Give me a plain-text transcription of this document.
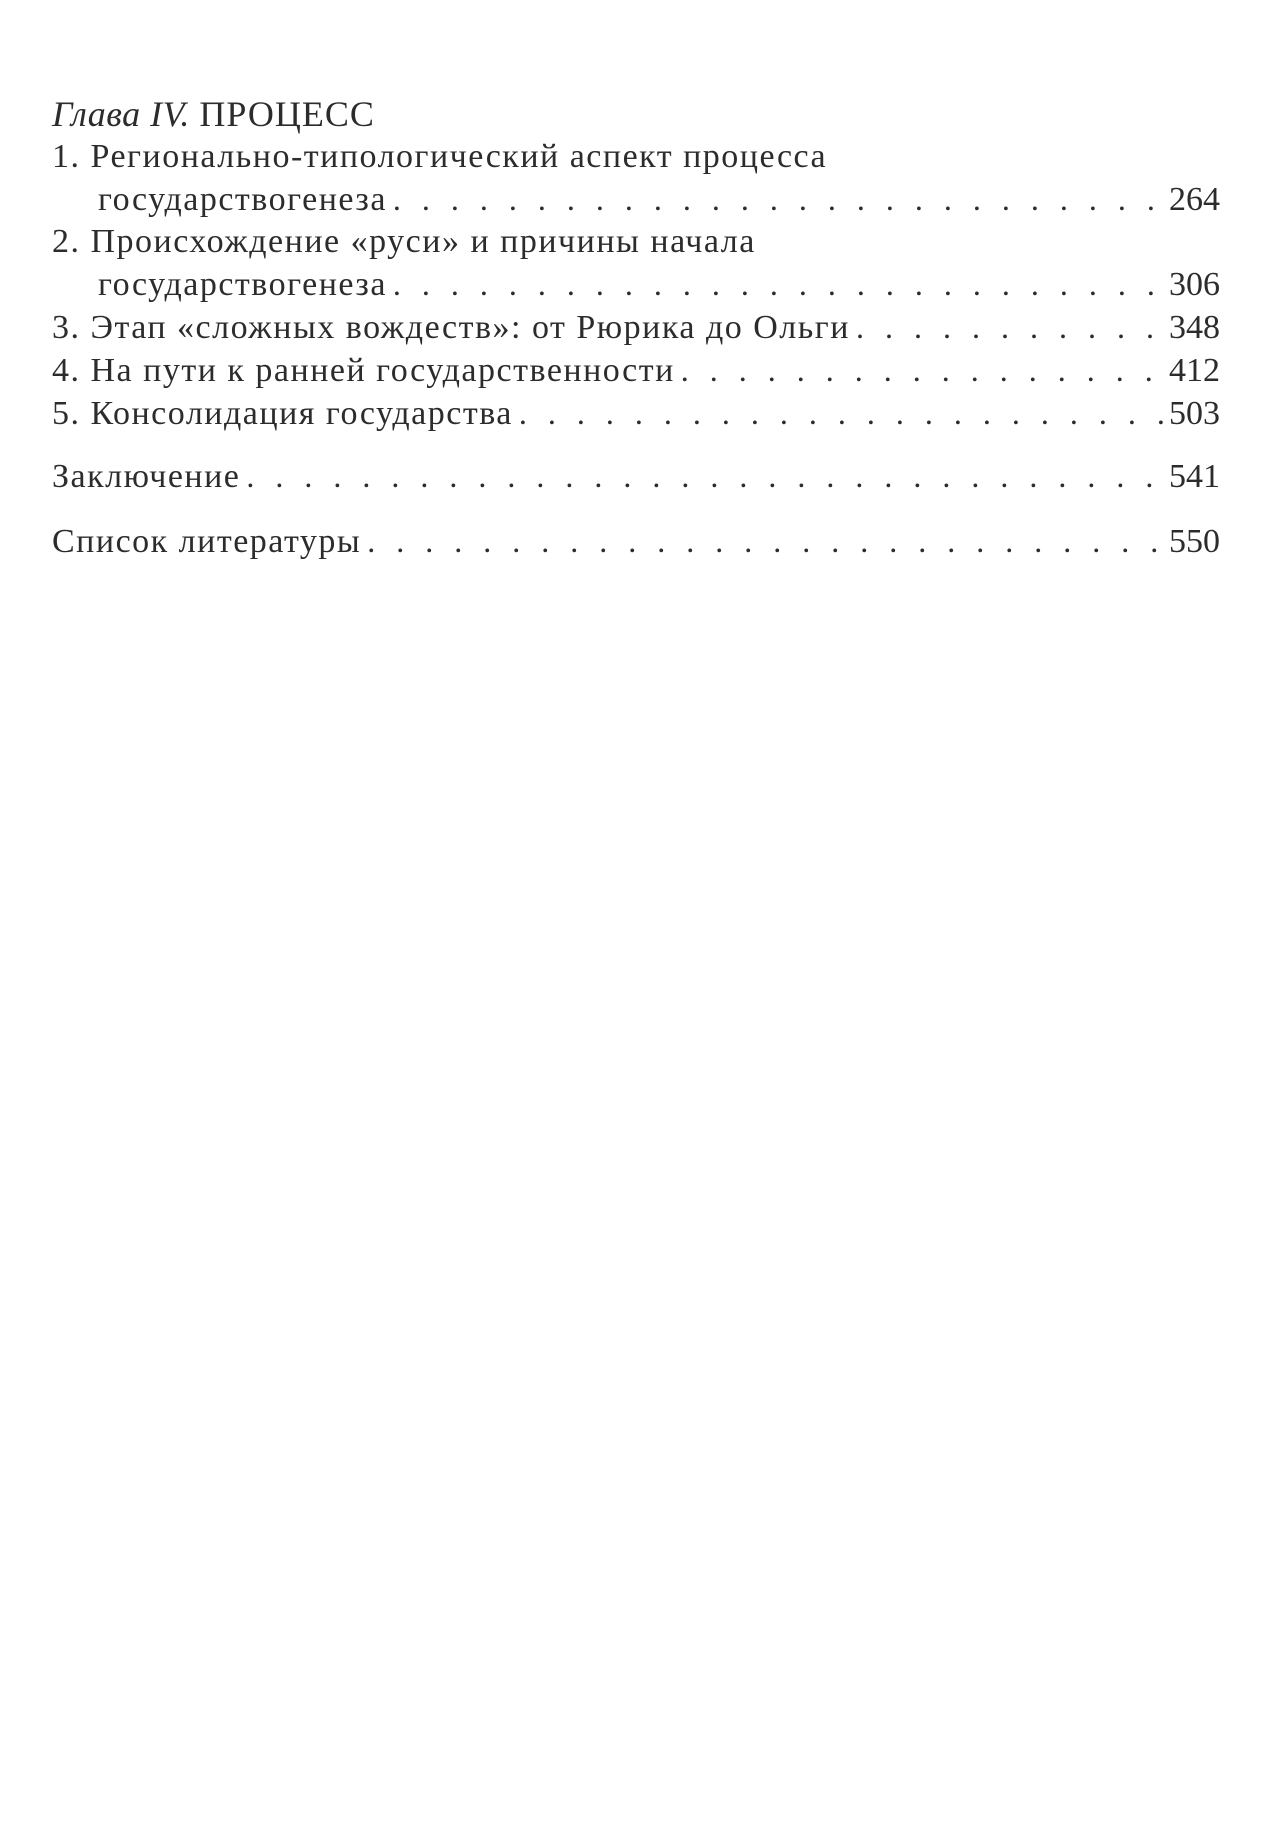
Глава IV. ПРОЦЕСС
1. Регионально-типологический аспект процесса
государствогенеза . . .	264
2. Происхождение «руси» и причины начала
государствогенеза . . .	306
3. Этап «сложных вождеств»: от Рюрика до Ольги . . .	348
4. На пути к ранней государственности . . .	412
5. Консолидация государства . . .	503
Заключение . . .	541
Список литературы . . .	550
